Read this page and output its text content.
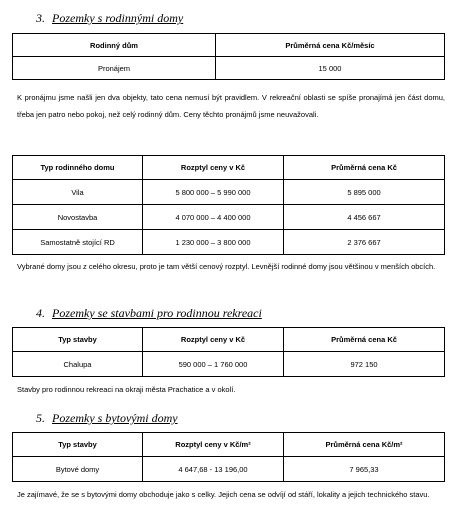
3. Pozemky s rodinnými domy
Rodinný dům	Průměrná cena Kč/měsíc
Pronájem	15 000
K pronájmu jsme našli jen dva objekty, tato cena nemusí být pravidlem. V rekreační oblasti se spíše pronajímá jen část domu, třeba jen patro nebo pokoj, než celý rodinný dům. Ceny těchto pronájmů jsme neuvažovali.
Typ rodinného domu	Rozptyl ceny v Kč	Průměrná cena Kč
Vila	5 800 000 – 5 990 000	5 895 000
Novostavba	4 070 000 – 4 400 000	4 456 667
Samostatně stojící RD	1 230 000 – 3 800 000	2 376 667
Vybrané domy jsou z celého okresu, proto je tam větší cenový rozptyl. Levnější rodinné domy jsou většinou v menších obcích.
4. Pozemky se stavbami pro rodinnou rekreaci
Typ stavby	Rozptyl ceny v Kč	Průměrná cena Kč
Chalupa	590 000 – 1 760 000	972 150
Stavby pro rodinnou rekreaci na okraji města Prachatice a v okolí.
5. Pozemky s bytovými domy
Typ stavby	Rozptyl ceny v Kč/m²	Průměrná cena Kč/m²
Bytové domy	4 647,68 - 13 196,00	7 965,33
Je zajímavé, že se s bytovými domy obchoduje jako s celky. Jejich cena se odvíjí od stáří, lokality a jejich technického stavu.
